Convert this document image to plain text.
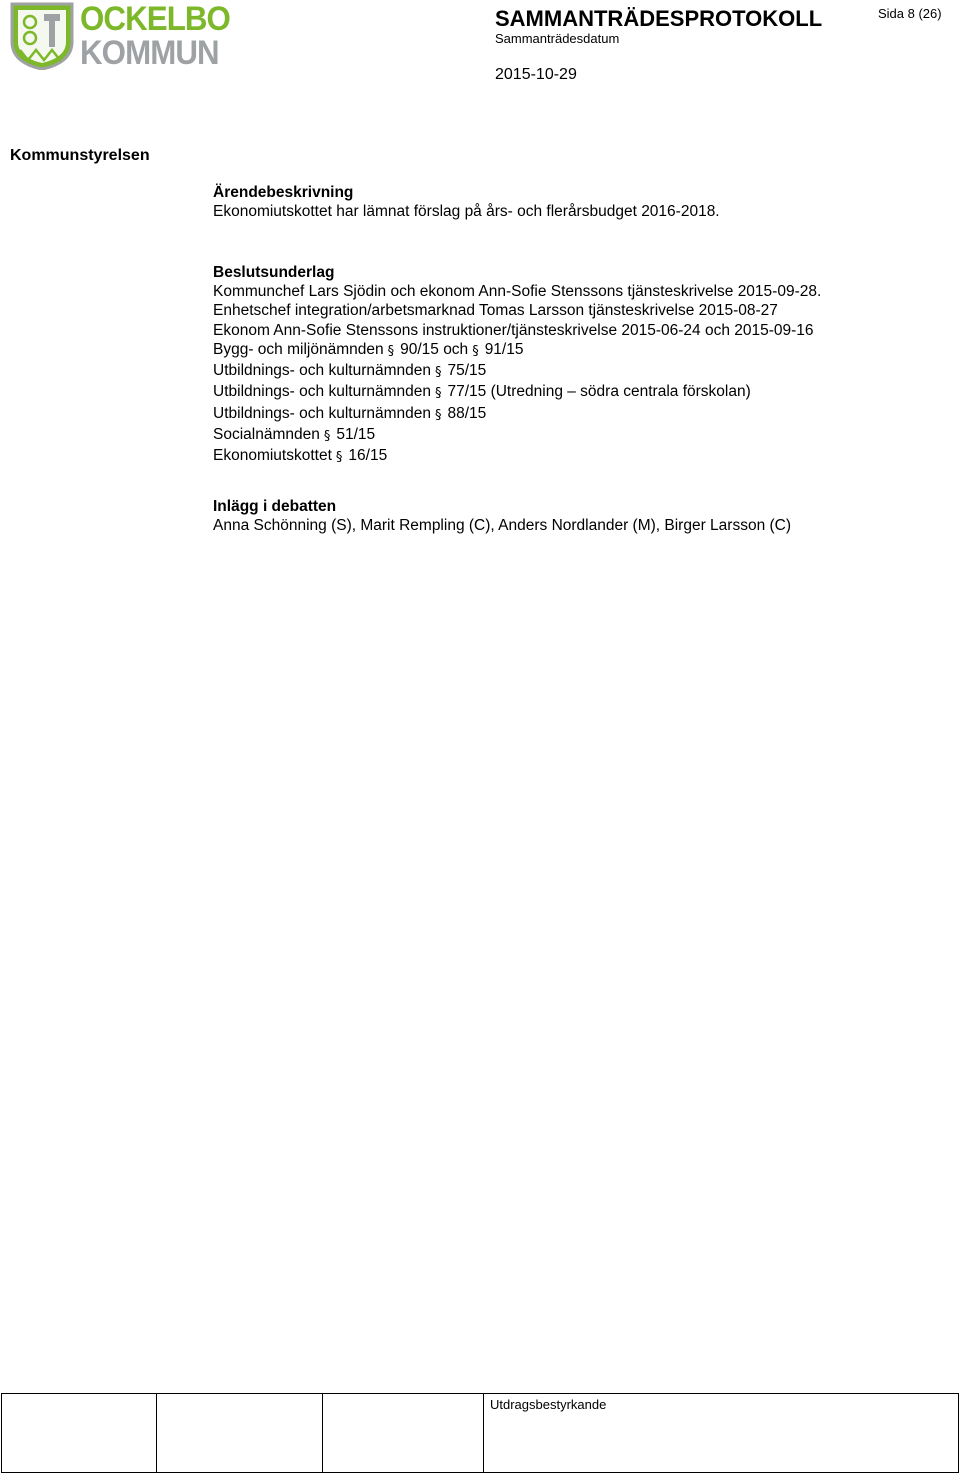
OCKELBO
KOMMUN
SAMMANTRÄDESPROTOKOLL
Sammanträdesdatum
2015-10-29
Sida 8 (26)
Kommunstyrelsen
Ärendebeskrivning
Ekonomiutskottet har lämnat förslag på års- och flerårsbudget 2016-2018.
Beslutsunderlag
Kommunchef Lars Sjödin och ekonom Ann-Sofie Stenssons tjänsteskrivelse 2015-09-28.
Enhetschef integration/arbetsmarknad Tomas Larsson tjänsteskrivelse 2015-08-27
Ekonom Ann-Sofie Stenssons instruktioner/tjänsteskrivelse 2015-06-24 och 2015-09-16
Bygg- och miljönämnden § 90/15 och § 91/15
Utbildnings- och kulturnämnden § 75/15
Utbildnings- och kulturnämnden § 77/15 (Utredning – södra centrala förskolan)
Utbildnings- och kulturnämnden § 88/15
Socialnämnden § 51/15
Ekonomiutskottet § 16/15
Inlägg i debatten
Anna Schönning (S), Marit Rempling (C), Anders Nordlander (M), Birger Larsson (C)
			Utdragsbestyrkande
